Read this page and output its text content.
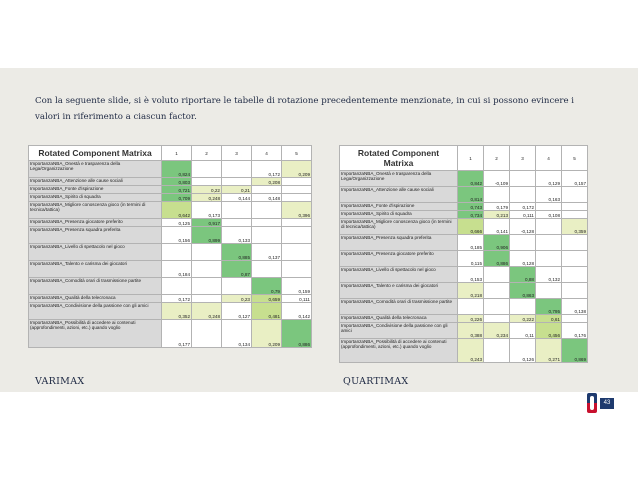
Con la seguente slide, si è voluto riportare le tabelle di rotazione precedentemente menzionate, in cui si possono evincere i valori in riferimento a ciascun factor.
Rotated Component Matrixa	1	2	3	4	5
ImportanzaNBA_Onestà e trasparenza della Lega/Organizzazione	0,824			0,172	0,209
ImportanzaNBA_Attenzione alle cause sociali	0,803			0,208	
ImportanzaNBA_Fonte d'ispirazione	0,721	0,22	0,21		
ImportanzaNBA_Spirito di squadra	0,709	0,248	0,144	0,148	
ImportanzaNBA_Migliore conoscenza gioco (in termini di tecnica/tattica)	0,642	0,173			0,396
ImportanzaNBA_Presenza giocatore preferito	0,125	0,917			
ImportanzaNBA_Presenza squadra preferita	0,156	0,899	0,133		
ImportanzaNBA_Livello di spettacolo nel gioco			0,885	0,137	
ImportanzaNBA_Talento e carisma dei giocatori	0,184		0,87		
ImportanzaNBA_Comodità orari di trasmissione partite				0,79	0,159
ImportanzaNBA_Qualità della telecronaca	0,172		0,23	0,659	0,111
ImportanzaNBA_Condivisione della passione con gli amici	0,352	0,248	0,127	0,481	0,142
ImportanzaNBA_Possibilità di accedere ai contenuti (approfondimenti, azioni, etc.) quando voglio	0,177		0,134	0,209	0,886
Rotated Component Matrixa	1	2	3	4	5
ImportanzaNBA_Onestà e trasparenza della Lega/Organizzazione	0,842	-0,109		0,129	0,157
ImportanzaNBA_Attenzione alle cause sociali	0,814			0,163	
ImportanzaNBA_Fonte d'ispirazione	0,743	0,179	0,172		
ImportanzaNBA_Spirito di squadra	0,734	0,213	0,111	0,108	
ImportanzaNBA_Migliore conoscenza gioco (in termini di tecnica/tattica)	0,666	0,141	-0,128		0,359
ImportanzaNBA_Presenza squadra preferita	0,185	0,906			
ImportanzaNBA_Presenza giocatore preferito	0,115	0,886	0,128		
ImportanzaNBA_Livello di spettacolo nel gioco	0,153		0,88	0,132	
ImportanzaNBA_Talento e carisma dei giocatori	0,218		0,863		
ImportanzaNBA_Comodità orari di trasmissione partite				0,795	0,138
ImportanzaNBA_Qualità della telecronaca	0,226		0,222	0,61	
ImportanzaNBA_Condivisione della passione con gli amici	0,388	0,234	0,11	0,456	0,176
ImportanzaNBA_Possibilità di accedere ai contenuti (approfondimenti, azioni, etc.) quando voglio	0,243		0,126	0,271	0,869
VARIMAX	QUARTIMAX
43
